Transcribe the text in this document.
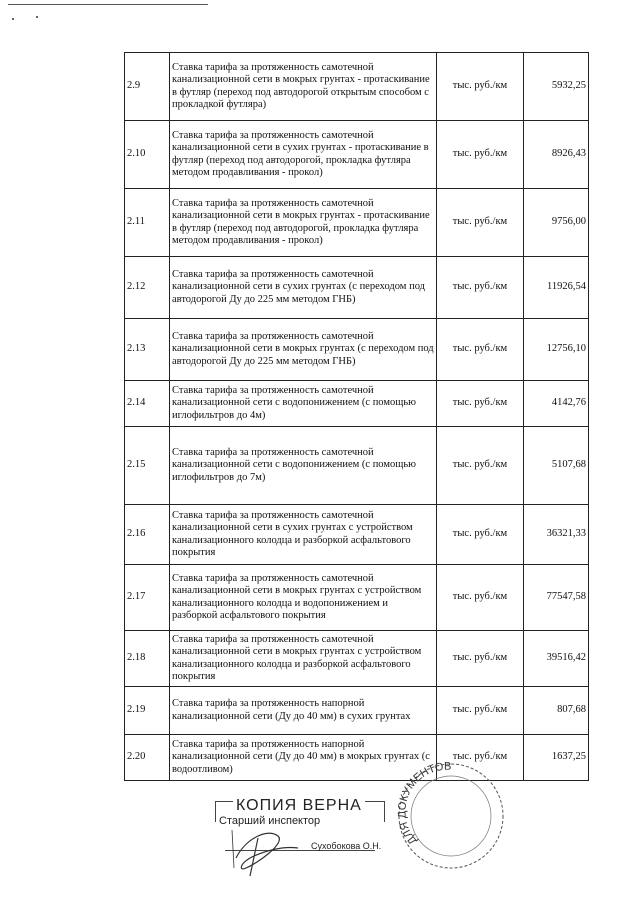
2.9	Ставка тарифа за протяженность самотечной канализационной сети в мокрых грунтах - протаскивание в футляр (переход под автодорогой открытым способом с прокладкой футляра)	тыс. руб./км	5932,25
2.10	Ставка тарифа за протяженность самотечной канализационной сети в сухих грунтах - протаскивание в футляр (переход под автодорогой, прокладка футляра методом продавливания - прокол)	тыс. руб./км	8926,43
2.11	Ставка тарифа за протяженность самотечной канализационной сети в мокрых грунтах - протаскивание в футляр (переход под автодорогой, прокладка футляра методом продавливания - прокол)	тыс. руб./км	9756,00
2.12	Ставка тарифа за протяженность самотечной канализационной сети в сухих грунтах (с переходом под автодорогой Ду до 225 мм методом ГНБ)	тыс. руб./км	11926,54
2.13	Ставка тарифа за протяженность самотечной канализационной сети в мокрых грунтах (с переходом под автодорогой Ду до 225 мм методом ГНБ)	тыс. руб./км	12756,10
2.14	Ставка тарифа за протяженность самотечной канализационной сети с водопонижением (с помощью иглофильтров до 4м)	тыс. руб./км	4142,76
2.15	Ставка тарифа за протяженность самотечной канализационной сети с водопонижением (с помощью иглофильтров до 7м)	тыс. руб./км	5107,68
2.16	Ставка тарифа за протяженность самотечной канализационной сети в сухих грунтах с устройством канализационного колодца и разборкой асфальтового покрытия	тыс. руб./км	36321,33
2.17	Ставка тарифа за протяженность самотечной канализационной сети в мокрых грунтах с устройством канализационного колодца и водопонижением и разборкой асфальтового покрытия	тыс. руб./км	77547,58
2.18	Ставка тарифа за протяженность самотечной канализационной сети в мокрых грунтах с устройством канализационного колодца и разборкой асфальтового покрытия	тыс. руб./км	39516,42
2.19	Ставка тарифа за протяженность напорной канализационной сети (Ду до 40 мм) в сухих грунтах	тыс. руб./км	807,68
2.20	Ставка тарифа за протяженность напорной канализационной сети (Ду до 40 мм) в мокрых грунтах (с водоотливом)	тыс. руб./км	1637,25
КОПИЯ ВЕРНА
Старший инспектор
Сухобокова О.Н.	ДЛЯ ДОКУМЕНТОВ
